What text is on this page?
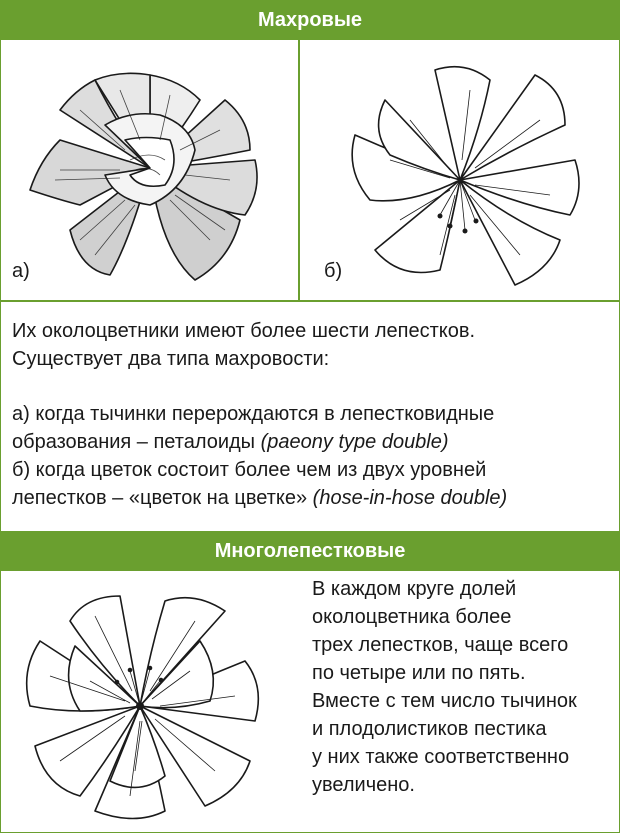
Махровые
а)	б)

Их околоцветники имеют более шести лепестков.

Существует два типа махровости:

а) когда тычинки перерождаются в лепестковидные

образования – петалоиды (paeony type double)

б) когда цветок состоит более чем из двух уровней

лепестков – «цветок на цветке» (hose-in-hose double)

Многолепестковые
В каждом круге долей
околоцветника более
трех лепестков, чаще всего
по четыре или по пять.
Вместе с тем число тычинок
и плодолистиков пестика
у них также соответственно
увеличено.
